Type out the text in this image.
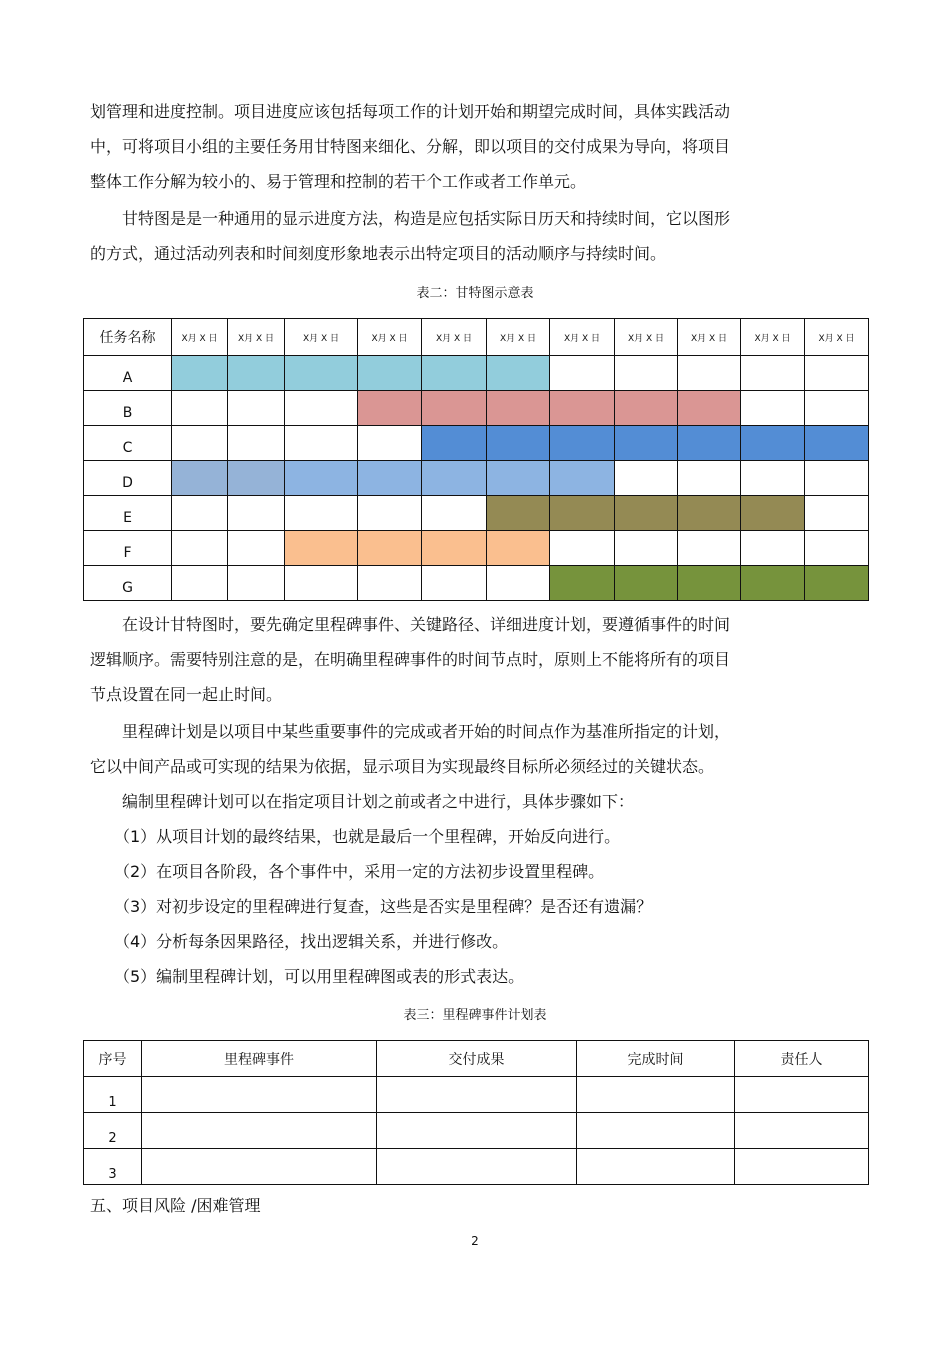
划管理和进度控制。项目进度应该包括每项工作的计划开始和期望完成时间，具体实践活动
中，可将项目小组的主要任务用甘特图来细化、分解，即以项目的交付成果为导向，将项目
整体工作分解为较小的、易于管理和控制的若干个工作或者工作单元。

　　甘特图是是一种通用的显示进度方法，构造是应包括实际日历天和持续时间，它以图形
的方式，通过活动列表和时间刻度形象地表示出特定项目的活动顺序与持续时间。

表二：甘特图示意表

任务名称	X月 X 日	X月 X 日	X月 X 日	X月 X 日	X月 X 日	X月 X 日	X月 X 日	X月 X 日	X月 X 日	X月 X 日	X月 X 日
A											
B											
C											
D											
E											
F											
G											

　　在设计甘特图时，要先确定里程碑事件、关键路径、详细进度计划，要遵循事件的时间
逻辑顺序。需要特别注意的是，在明确里程碑事件的时间节点时，原则上不能将所有的项目
节点设置在同一起止时间。

　　里程碑计划是以项目中某些重要事件的完成或者开始的时间点作为基准所指定的计划，
它以中间产品或可实现的结果为依据，显示项目为实现最终目标所必须经过的关键状态。
　　编制里程碑计划可以在指定项目计划之前或者之中进行，具体步骤如下：
　　（1）从项目计划的最终结果，也就是最后一个里程碑，开始反向进行。
　　（2）在项目各阶段，各个事件中，采用一定的方法初步设置里程碑。
　　（3）对初步设定的里程碑进行复查，这些是否实是里程碑？是否还有遗漏？
　　（4）分析每条因果路径，找出逻辑关系，并进行修改。
　　（5）编制里程碑计划，可以用里程碑图或表的形式表达。

表三：里程碑事件计划表

序号	里程碑事件	交付成果	完成时间	责任人
1				
2				
3				

五、项目风险 /困难管理

2
